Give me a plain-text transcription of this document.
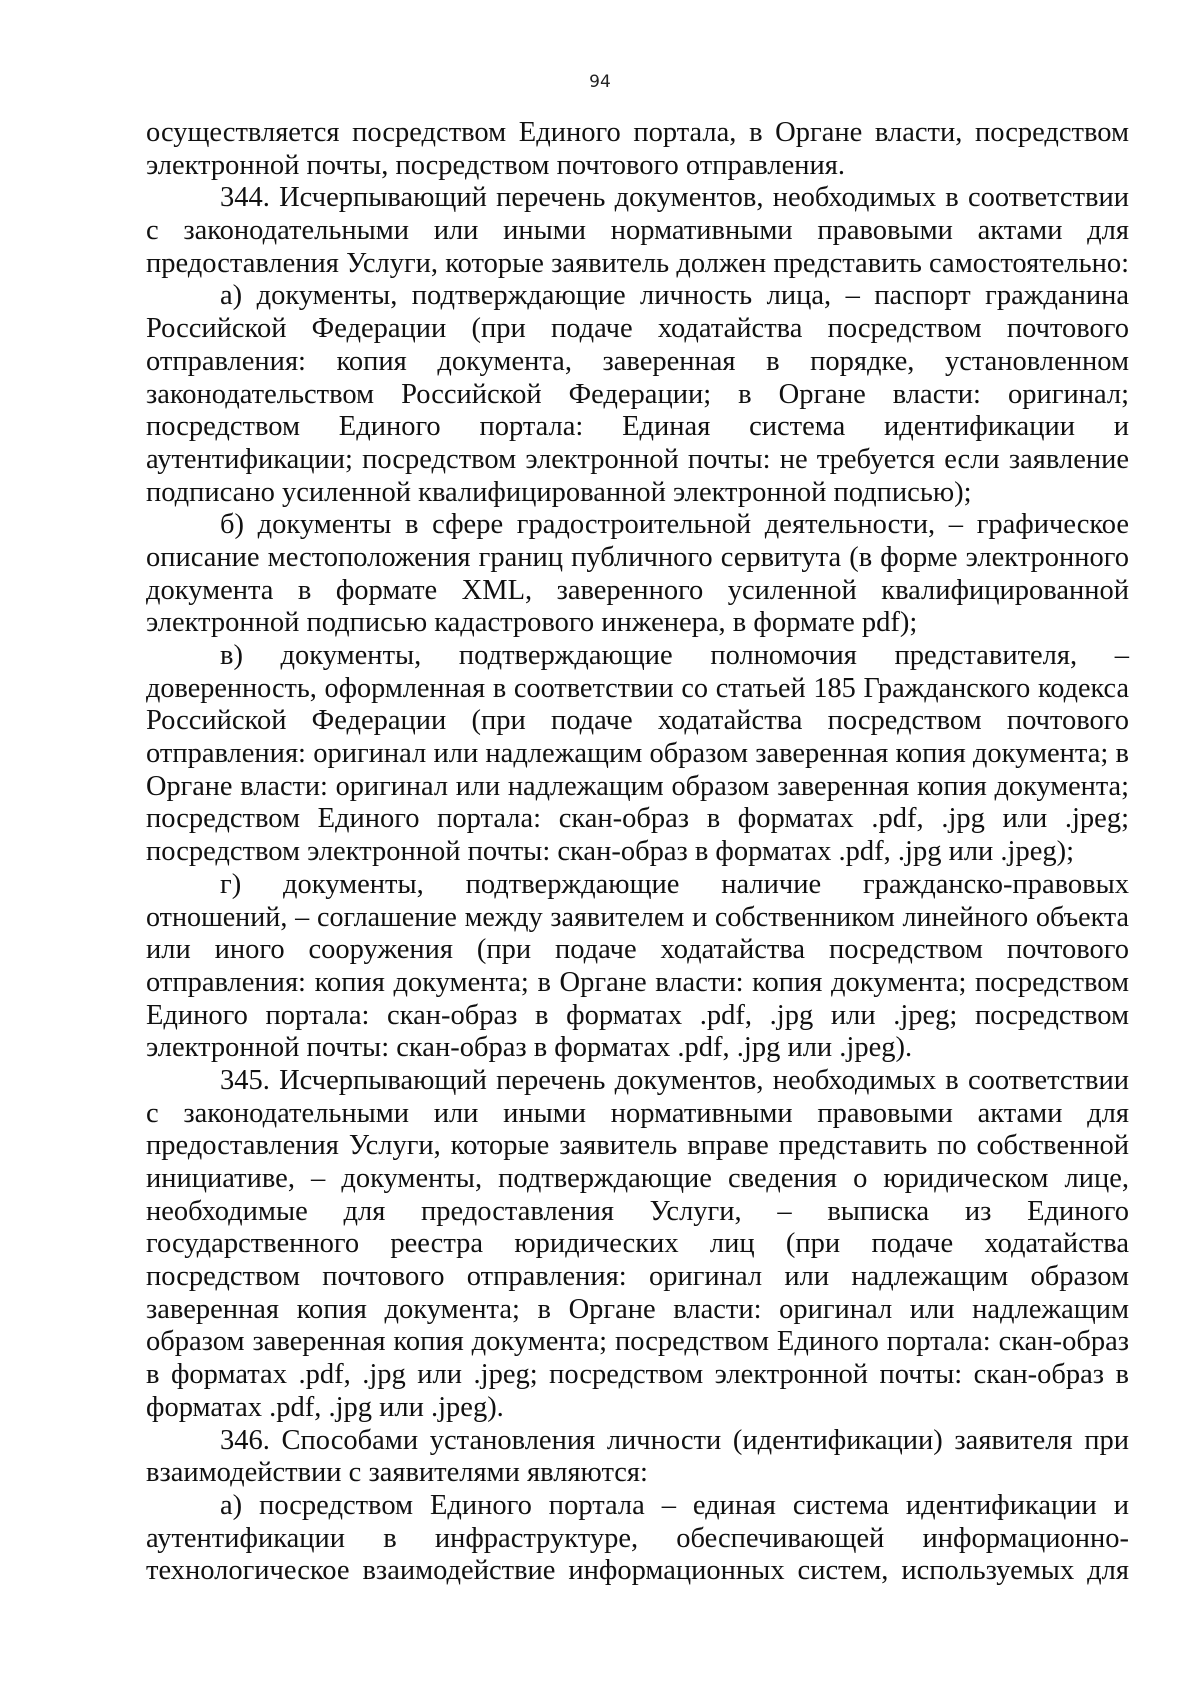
94
осуществляется посредством Единого портала, в Органе власти, посредством
электронной почты, посредством почтового отправления.
344. Исчерпывающий перечень документов, необходимых в соответствии
с законодательными или иными нормативными правовыми актами для
предоставления Услуги, которые заявитель должен представить самостоятельно:
а) документы, подтверждающие личность лица, – паспорт гражданина
Российской Федерации (при подаче ходатайства посредством почтового
отправления: копия документа, заверенная в порядке, установленном
законодательством Российской Федерации; в Органе власти: оригинал;
посредством Единого портала: Единая система идентификации и
аутентификации; посредством электронной почты: не требуется если заявление
подписано усиленной квалифицированной электронной подписью);
б) документы в сфере градостроительной деятельности, – графическое
описание местоположения границ публичного сервитута (в форме электронного
документа в формате XML, заверенного усиленной квалифицированной
электронной подписью кадастрового инженера, в формате pdf);
в) документы, подтверждающие полномочия представителя, –
доверенность, оформленная в соответствии со статьей 185 Гражданского кодекса
Российской Федерации (при подаче ходатайства посредством почтового
отправления: оригинал или надлежащим образом заверенная копия документа; в
Органе власти: оригинал или надлежащим образом заверенная копия документа;
посредством Единого портала: скан-образ в форматах .pdf, .jpg или .jpeg;
посредством электронной почты: скан-образ в форматах .pdf, .jpg или .jpeg);
г) документы, подтверждающие наличие гражданско-правовых
отношений, – соглашение между заявителем и собственником линейного объекта
или иного сооружения (при подаче ходатайства посредством почтового
отправления: копия документа; в Органе власти: копия документа; посредством
Единого портала: скан-образ в форматах .pdf, .jpg или .jpeg; посредством
электронной почты: скан-образ в форматах .pdf, .jpg или .jpeg).
345. Исчерпывающий перечень документов, необходимых в соответствии
с законодательными или иными нормативными правовыми актами для
предоставления Услуги, которые заявитель вправе представить по собственной
инициативе, – документы, подтверждающие сведения о юридическом лице,
необходимые для предоставления Услуги, – выписка из Единого
государственного реестра юридических лиц (при подаче ходатайства
посредством почтового отправления: оригинал или надлежащим образом
заверенная копия документа; в Органе власти: оригинал или надлежащим
образом заверенная копия документа; посредством Единого портала: скан-образ
в форматах .pdf, .jpg или .jpeg; посредством электронной почты: скан-образ в
форматах .pdf, .jpg или .jpeg).
346. Способами установления личности (идентификации) заявителя при
взаимодействии с заявителями являются:
а) посредством Единого портала – единая система идентификации и
аутентификации в инфраструктуре, обеспечивающей информационно-
технологическое взаимодействие информационных систем, используемых для
